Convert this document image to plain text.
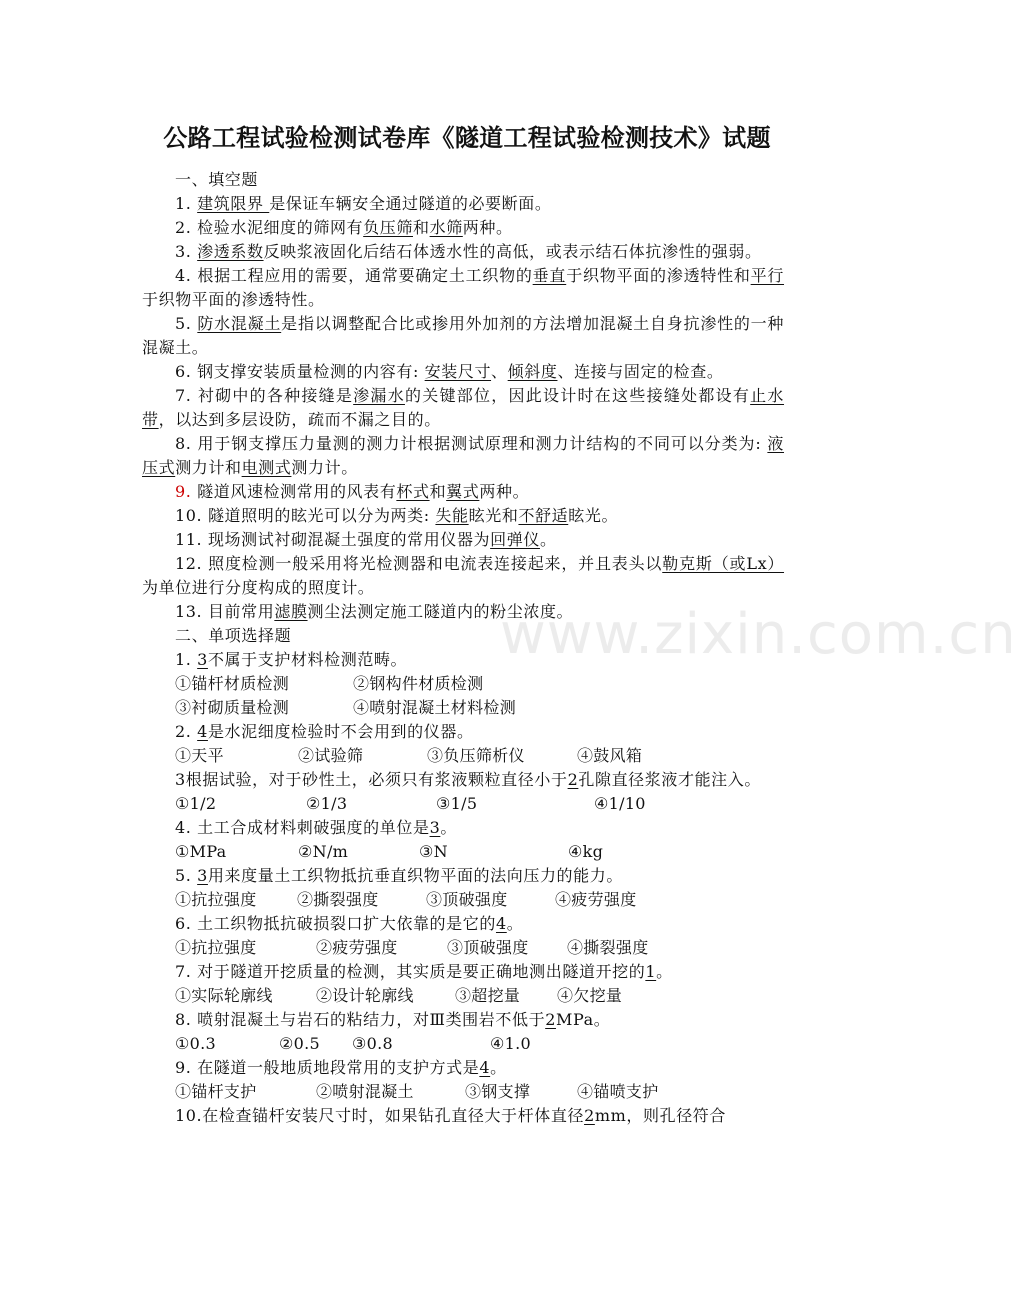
www.zixin.com.cn
公路工程试验检测试卷库《隧道工程试验检测技术》试题

一、填空题

1. 建筑限界 是保证车辆安全通过隧道的必要断面。

2. 检验水泥细度的筛网有负压筛和水筛两种。

3. 渗透系数反映浆液固化后结石体透水性的高低，或表示结石体抗渗性的强弱。

4. 根据工程应用的需要，通常要确定土工织物的垂直于织物平面的渗透特性和平行于织物平面的渗透特性。

5. 防水混凝土是指以调整配合比或掺用外加剂的方法增加混凝土自身抗渗性的一种混凝土。

6. 钢支撑安装质量检测的内容有: 安装尺寸、倾斜度、连接与固定的检查。

7. 衬砌中的各种接缝是渗漏水的关键部位，因此设计时在这些接缝处都设有止水带，以达到多层设防，疏而不漏之目的。

8. 用于钢支撑压力量测的测力计根据测试原理和测力计结构的不同可以分类为: 液压式测力计和电测式测力计。

9. 隧道风速检测常用的风表有杯式和翼式两种。

10. 隧道照明的眩光可以分为两类: 失能眩光和不舒适眩光。

11. 现场测试衬砌混凝土强度的常用仪器为回弹仪。

12. 照度检测一般采用将光检测器和电流表连接起来，并且表头以勒克斯（或Lx）为单位进行分度构成的照度计。

13. 目前常用滤膜测尘法测定施工隧道内的粉尘浓度。

二、单项选择题

1. 3不属于支护材料检测范畴。

①锚杆材质检测	②钢构件材质检测
③衬砌质量检测	④喷射混凝土材料检测

2. 4是水泥细度检验时不会用到的仪器。

①天平	②试验筛	③负压筛析仪	④鼓风箱

3根据试验，对于砂性土，必须只有浆液颗粒直径小于2孔隙直径浆液才能注入。

①1/2	②1/3	③1/5	④1/10

4. 土工合成材料刺破强度的单位是3。

①MPa	②N/m	③N	④kg

5. 3用来度量土工织物抵抗垂直织物平面的法向压力的能力。

①抗拉强度	②撕裂强度	③顶破强度	④疲劳强度

6. 土工织物抵抗破损裂口扩大依靠的是它的4。

①抗拉强度	②疲劳强度	③顶破强度	④撕裂强度

7. 对于隧道开挖质量的检测，其实质是要正确地测出隧道开挖的1。

①实际轮廓线	②设计轮廓线	③超挖量	④欠挖量

8. 喷射混凝土与岩石的粘结力，对Ⅲ类围岩不低于2MPa。

①0.3	②0.5	③0.8	④1.0

9. 在隧道一般地质地段常用的支护方式是4。

①锚杆支护	②喷射混凝土	③钢支撑	④锚喷支护

10.在检查锚杆安装尺寸时，如果钻孔直径大于杆体直径2mm，则孔径符合
